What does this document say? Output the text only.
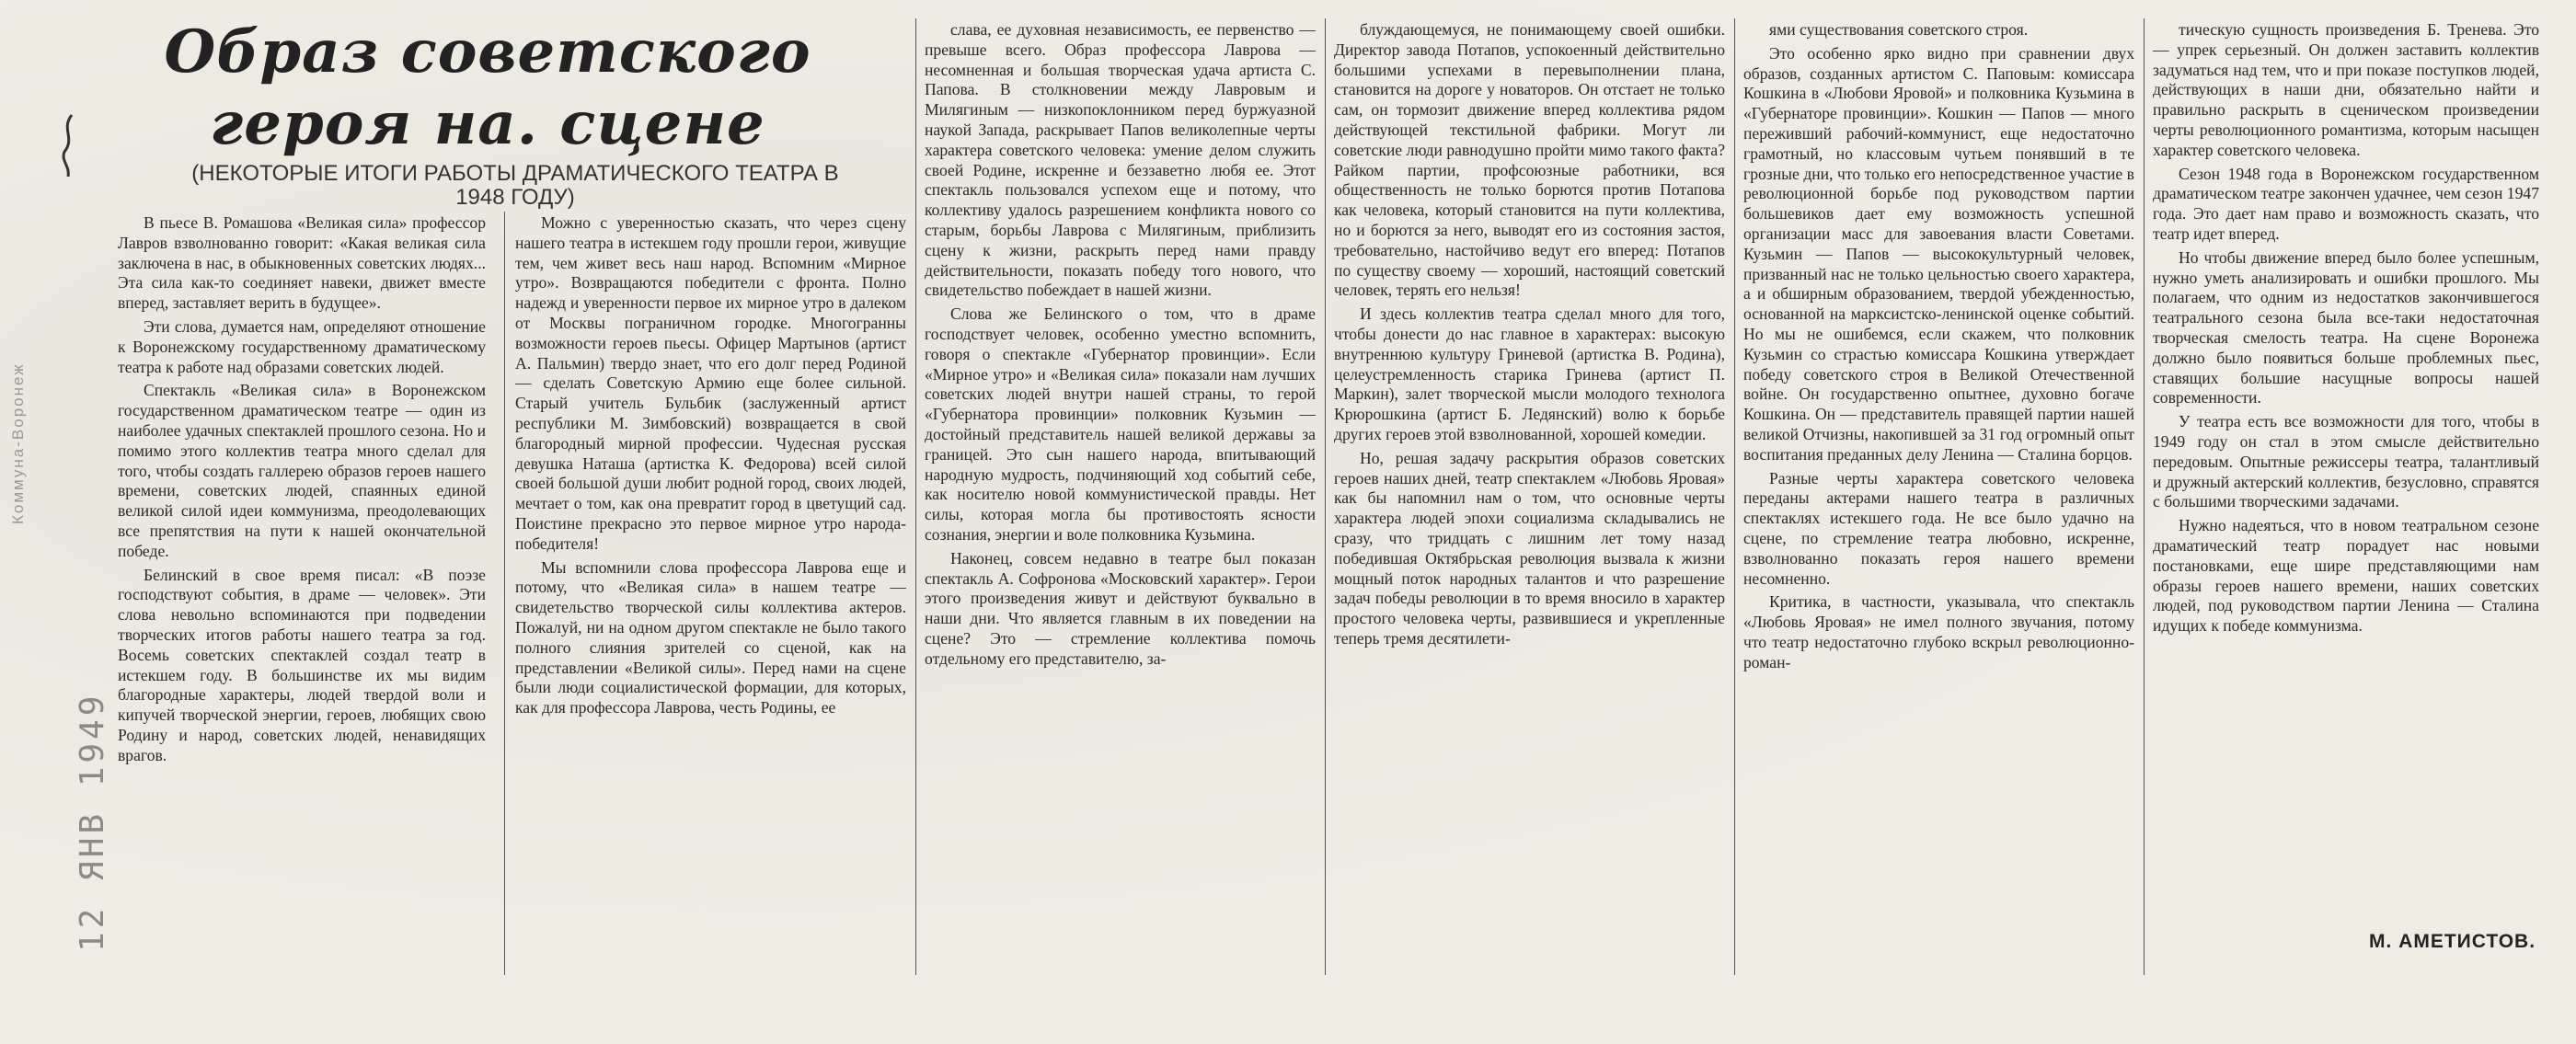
Образ советского героя на. сцене
(НЕКОТОРЫЕ ИТОГИ РАБОТЫ ДРАМАТИЧЕСКОГО ТЕАТРА В 1948 ГОДУ)

В пьесе В. Ромашова «Великая сила» профессор Лавров взволнованно говорит: «Какая великая сила заключена в нас, в обыкновенных советских людях... Эта сила как-то соединяет навеки, движет вместе вперед, заставляет верить в будущее».

Эти слова, думается нам, определяют отношение к Воронежскому государственному драматическому театра к работе над образами советских людей.

Спектакль «Великая сила» в Воронежском государственном драматическом театре — один из наиболее удачных спектаклей прошлого сезона. Но и помимо этого коллектив театра много сделал для того, чтобы создать галлерею образов героев нашего времени, советских людей, спаянных единой великой силой идеи коммунизма, преодолевающих все препятствия на пути к нашей окончательной победе.

Белинский в свое время писал: «В поэзе господствуют события, в драме — человек». Эти слова невольно вспоминаются при подведении творческих итогов работы нашего театра за год. Восемь советских спектаклей создал театр в истекшем году. В большинстве их мы видим благородные характеры, людей твердой воли и кипучей творческой энергии, героев, любящих свою Родину и народ, советских людей, ненавидящих врагов.

Можно с уверенностью сказать, что через сцену нашего театра в истекшем году прошли герои, живущие тем, чем живет весь наш народ. Вспомним «Мирное утро». Возвращаются победители с фронта. Полно надежд и уверенности первое их мирное утро в далеком от Москвы пограничном городке. Многогранны возможности героев пьесы. Офицер Мартынов (артист А. Пальмин) твердо знает, что его долг перед Родиной — сделать Советскую Армию еще более сильной. Старый учитель Бульбик (заслуженный артист республики М. Зимбовский) возвращается в свой благородный мирной профессии. Чудесная русская девушка Наташа (артистка К. Федорова) всей силой своей большой души любит родной город, своих людей, мечтает о том, как она превратит город в цветущий сад. Поистине прекрасно это первое мирное утро народа-победителя!

Мы вспомнили слова профессора Лаврова еще и потому, что «Великая сила» в нашем театре — свидетельство творческой силы коллектива актеров. Пожалуй, ни на одном другом спектакле не было такого полного слияния зрителей со сценой, как на представлении «Великой силы». Перед нами на сцене были люди социалистической формации, для которых, как для профессора Лаврова, честь Родины, ее

слава, ее духовная независимость, ее первенство — превыше всего. Образ профессора Лаврова — несомненная и большая творческая удача артиста С. Папова. В столкновении между Лавровым и Милягиным — низкопоклонником перед буржуазной наукой Запада, раскрывает Папов великолепные черты характера советского человека: умение делом служить своей Родине, искренне и беззаветно любя ее. Этот спектакль пользовался успехом еще и потому, что коллективу удалось разрешением конфликта нового со старым, борьбы Лаврова с Милягиным, приблизить сцену к жизни, раскрыть перед нами правду действительности, показать победу того нового, что свидетельство побеждает в нашей жизни.

Слова же Белинского о том, что в драме господствует человек, особенно уместно вспомнить, говоря о спектакле «Губернатор провинции». Если «Мирное утро» и «Великая сила» показали нам лучших советских людей внутри нашей страны, то герой «Губернатора провинции» полковник Кузьмин — достойный представитель нашей великой державы за границей. Это сын нашего народа, впитывающий народную мудрость, подчиняющий ход событий себе, как носителю новой коммунистической правды. Нет силы, которая могла бы противостоять ясности сознания, энергии и воле полковника Кузьмина.

Наконец, совсем недавно в театре был показан спектакль А. Софронова «Московский характер». Герои этого произведения живут и действуют буквально в наши дни. Что является главным в их поведении на сцене? Это — стремление коллектива помочь отдельному его представителю, за-

блуждающемуся, не понимающему своей ошибки. Директор завода Потапов, успокоенный действительно большими успехами в перевыполнении плана, становится на дороге у новаторов. Он отстает не только сам, он тормозит движение вперед коллектива рядом действующей текстильной фабрики. Могут ли советские люди равнодушно пройти мимо такого факта? Райком партии, профсоюзные работники, вся общественность не только борются против Потапова как человека, который становится на пути коллектива, но и борются за него, выводят его из состояния застоя, требовательно, настойчиво ведут его вперед: Потапов по существу своему — хороший, настоящий советский человек, терять его нельзя!

И здесь коллектив театра сделал много для того, чтобы донести до нас главное в характерах: высокую внутреннюю культуру Гриневой (артистка В. Родина), целеустремленность старика Гринева (артист П. Маркин), залет творческой мысли молодого технолога Крюрошкина (артист Б. Ледянский) волю к борьбе других героев этой взволнованной, хорошей комедии.

Но, решая задачу раскрытия образов советских героев наших дней, театр спектаклем «Любовь Яровая» как бы напомнил нам о том, что основные черты характера людей эпохи социализма складывались не сразу, что тридцать с лишним лет тому назад победившая Октябрьская революция вызвала к жизни мощный поток народных талантов и что разрешение задач победы революции в то время вносило в характер простого человека черты, развившиеся и укрепленные теперь тремя десятилети-

ями существования советского строя.

Это особенно ярко видно при сравнении двух образов, созданных артистом С. Паповым: комиссара Кошкина в «Любови Яровой» и полковника Кузьмина в «Губернаторе провинции». Кошкин — Папов — много переживший рабочий-коммунист, еще недостаточно грамотный, но классовым чутьем понявший в те грозные дни, что только его непосредственное участие в революционной борьбе под руководством партии большевиков дает ему возможность успешной организации масс для завоевания власти Советами. Кузьмин — Папов — высококультурный человек, призванный нас не только цельностью своего характера, а и обширным образованием, твердой убежденностью, основанной на марксистско-ленинской оценке событий. Но мы не ошибемся, если скажем, что полковник Кузьмин со страстью комиссара Кошкина утверждает победу советского строя в Великой Отечественной войне. Он государственно опытнее, духовно богаче Кошкина. Он — представитель правящей партии нашей великой Отчизны, накопившей за 31 год огромный опыт воспитания преданных делу Ленина — Сталина борцов.

Разные черты характера советского человека переданы актерами нашего театра в различных спектаклях истекшего года. Не все было удачно на сцене, по стремление театра любовно, искренне, взволнованно показать героя нашего времени несомненно.

Критика, в частности, указывала, что спектакль «Любовь Яровая» не имел полного звучания, потому что театр недостаточно глубоко вскрыл революционно-роман-

тическую сущность произведения Б. Тренева. Это — упрек серьезный. Он должен заставить коллектив задуматься над тем, что и при показе поступков людей, действующих в наши дни, обязательно найти и правильно раскрыть в сценическом произведении черты революционного романтизма, которым насыщен характер советского человека.

Сезон 1948 года в Воронежском государственном драматическом театре закончен удачнее, чем сезон 1947 года. Это дает нам право и возможность сказать, что театр идет вперед.

Но чтобы движение вперед было более успешным, нужно уметь анализировать и ошибки прошлого. Мы полагаем, что одним из недостатков закончившегося театрального сезона была все-таки недостаточная творческая смелость театра. На сцене Воронежа должно было появиться больше проблемных пьес, ставящих большие насущные вопросы нашей современности.

У театра есть все возможности для того, чтобы в 1949 году он стал в этом смысле действительно передовым. Опытные режиссеры театра, талантливый и дружный актерский коллектив, безусловно, справятся с большими творческими задачами.

Нужно надеяться, что в новом театральном сезоне драматический театр порадует нас новыми постановками, еще шире представляющими нам образы героев нашего времени, наших советских людей, под руководством партии Ленина — Сталина идущих к победе коммунизма.

М. АМЕТИСТОВ.
Коммуна-Воронеж
12 ЯНВ 1949
